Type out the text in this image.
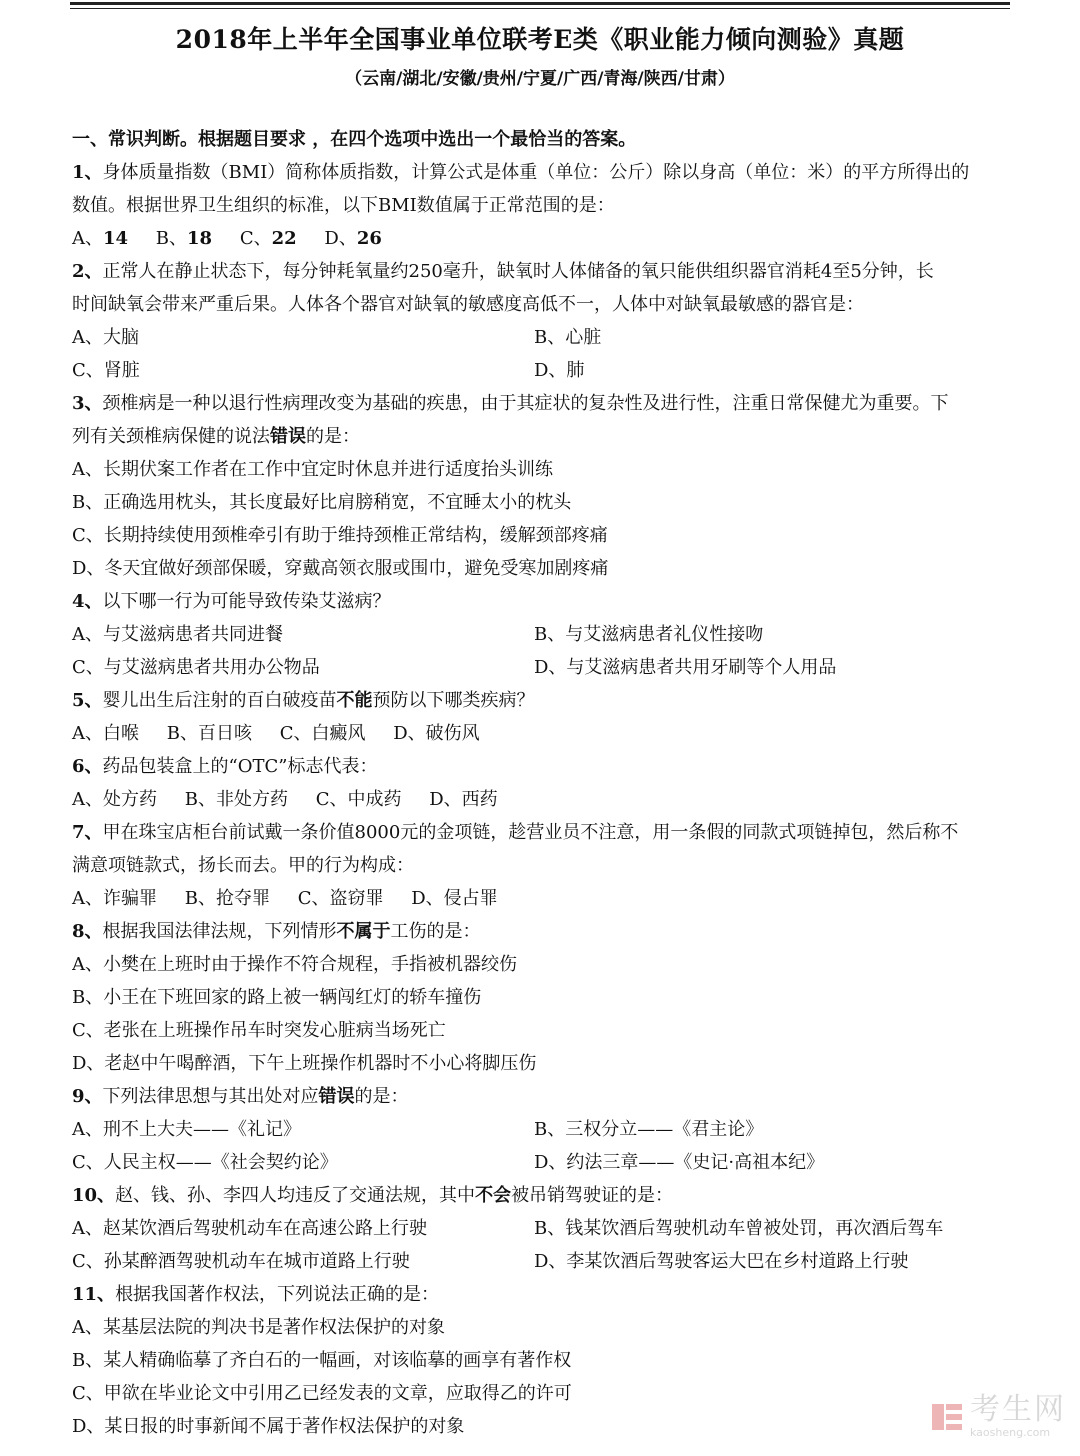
2018年上半年全国事业单位联考E类《职业能力倾向测验》真题
（云南/湖北/安徽/贵州/宁夏/广西/青海/陕西/甘肃）
一、常识判断。根据题目要求 ，在四个选项中选出一个最恰当的答案。
1、身体质量指数（BMI）简称体质指数，计算公式是体重（单位：公斤）除以身高（单位：米）的平方所得出的
数值。根据世界卫生组织的标准，以下BMI数值属于正常范围的是：
A、14 B、18 C、22 D、26
2、正常人在静止状态下，每分钟耗氧量约250毫升，缺氧时人体储备的氧只能供组织器官消耗4至5分钟，长
时间缺氧会带来严重后果。人体各个器官对缺氧的敏感度高低不一，人体中对缺氧最敏感的器官是：
A、大脑	B、心脏
C、肾脏	D、肺
3、颈椎病是一种以退行性病理改变为基础的疾患，由于其症状的复杂性及进行性，注重日常保健尤为重要。下
列有关颈椎病保健的说法错误的是：
A、长期伏案工作者在工作中宜定时休息并进行适度抬头训练
B、正确选用枕头，其长度最好比肩膀稍宽，不宜睡太小的枕头
C、长期持续使用颈椎牵引有助于维持颈椎正常结构，缓解颈部疼痛
D、冬天宜做好颈部保暖，穿戴高领衣服或围巾，避免受寒加剧疼痛
4、以下哪一行为可能导致传染艾滋病？
A、与艾滋病患者共同进餐	B、与艾滋病患者礼仪性接吻
C、与艾滋病患者共用办公物品	D、与艾滋病患者共用牙刷等个人用品
5、婴儿出生后注射的百白破疫苗不能预防以下哪类疾病？
A、白喉 B、百日咳 C、白癜风 D、破伤风
6、药品包装盒上的“OTC”标志代表：
A、处方药 B、非处方药 C、中成药 D、西药
7、甲在珠宝店柜台前试戴一条价值8000元的金项链，趁营业员不注意，用一条假的同款式项链掉包，然后称不
满意项链款式，扬长而去。甲的行为构成：
A、诈骗罪 B、抢夺罪 C、盗窃罪 D、侵占罪
8、根据我国法律法规，下列情形不属于工伤的是：
A、小樊在上班时由于操作不符合规程，手指被机器绞伤
B、小王在下班回家的路上被一辆闯红灯的轿车撞伤
C、老张在上班操作吊车时突发心脏病当场死亡
D、老赵中午喝醉酒，下午上班操作机器时不小心将脚压伤
9、下列法律思想与其出处对应错误的是：
A、刑不上大夫——《礼记》	B、三权分立——《君主论》
C、人民主权——《社会契约论》	D、约法三章——《史记·高祖本纪》
10、赵、钱、孙、李四人均违反了交通法规，其中不会被吊销驾驶证的是：
A、赵某饮酒后驾驶机动车在高速公路上行驶	B、钱某饮酒后驾驶机动车曾被处罚，再次酒后驾车
C、孙某醉酒驾驶机动车在城市道路上行驶	D、李某饮酒后驾驶客运大巴在乡村道路上行驶
11、根据我国著作权法，下列说法正确的是：
A、某基层法院的判决书是著作权法保护的对象
B、某人精确临摹了齐白石的一幅画，对该临摹的画享有著作权
C、甲欲在毕业论文中引用乙已经发表的文章，应取得乙的许可
D、某日报的时事新闻不属于著作权法保护的对象	考生网
kaosheng.com
